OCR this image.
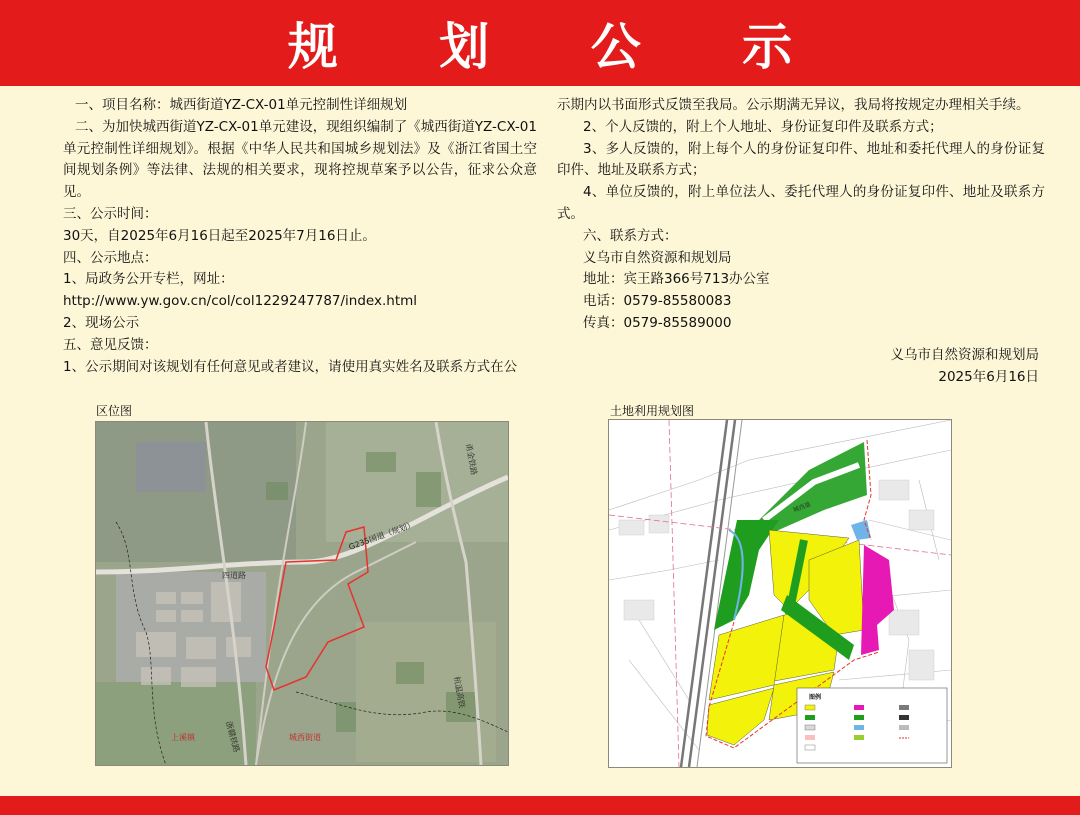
规 划 公 示

一、项目名称：城西街道YZ-CX-01单元控制性详细规划

二、为加快城西街道YZ-CX-01单元建设，现组织编制了《城西街道YZ-CX-01单元控制性详细规划》。根据《中华人民共和国城乡规划法》及《浙江省国土空间规划条例》等法律、法规的相关要求，现将控规草案予以公告，征求公众意见。

三、公示时间：

30天，自2025年6月16日起至2025年7月16日止。

四、公示地点：

1、局政务公开专栏，网址：

http://www.yw.gov.cn/col/col1229247787/index.html

2、现场公示

五、意见反馈：

1、公示期间对该规划有任何意见或者建议，请使用真实姓名及联系方式在公

示期内以书面形式反馈至我局。公示期满无异议，我局将按规定办理相关手续。

2、个人反馈的，附上个人地址、身份证复印件及联系方式；

3、多人反馈的，附上每个人的身份证复印件、地址和委托代理人的身份证复印件、地址及联系方式；

4、单位反馈的，附上单位法人、委托代理人的身份证复印件、地址及联系方式。

六、联系方式：

义乌市自然资源和规划局

地址：宾王路366号713办公室

电话：0579-85580083

传真：0579-85589000

义乌市自然资源和规划局

2025年6月16日

区位图
G235国道（规划）
四道路
浙赣铁路
杭温高铁
甬金铁路
上溪镇	城西街道
土地利用规划图
城西道
图例
